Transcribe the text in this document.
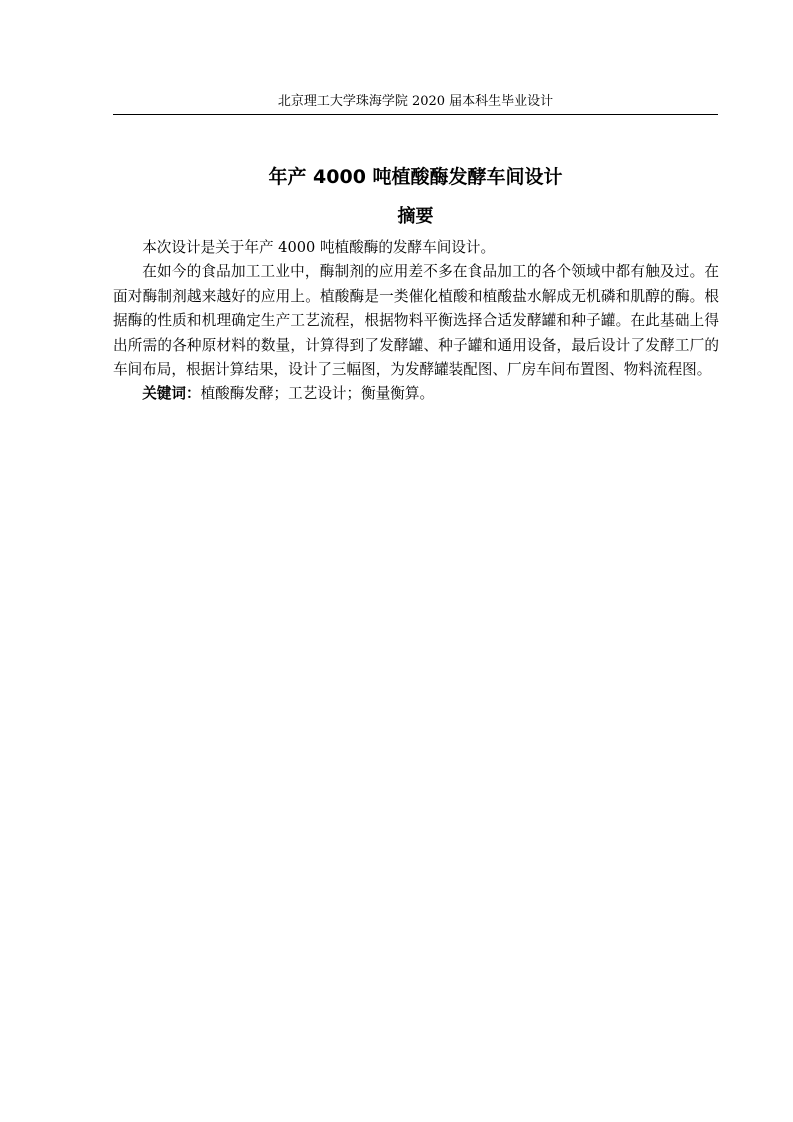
北京理工大学珠海学院 2020 届本科生毕业设计
年产 4000 吨植酸酶发酵车间设计
摘要

本次设计是关于年产 4000 吨植酸酶的发酵车间设计。

在如今的食品加工工业中，酶制剂的应用差不多在食品加工的各个领域中都有触及过。在面对酶制剂越来越好的应用上。植酸酶是一类催化植酸和植酸盐水解成无机磷和肌醇的酶。根据酶的性质和机理确定生产工艺流程，根据物料平衡选择合适发酵罐和种子罐。在此基础上得出所需的各种原材料的数量，计算得到了发酵罐、种子罐和通用设备，最后设计了发酵工厂的车间布局，根据计算结果，设计了三幅图，为发酵罐装配图、厂房车间布置图、物料流程图。

关键词：植酸酶发酵；工艺设计；衡量衡算。
